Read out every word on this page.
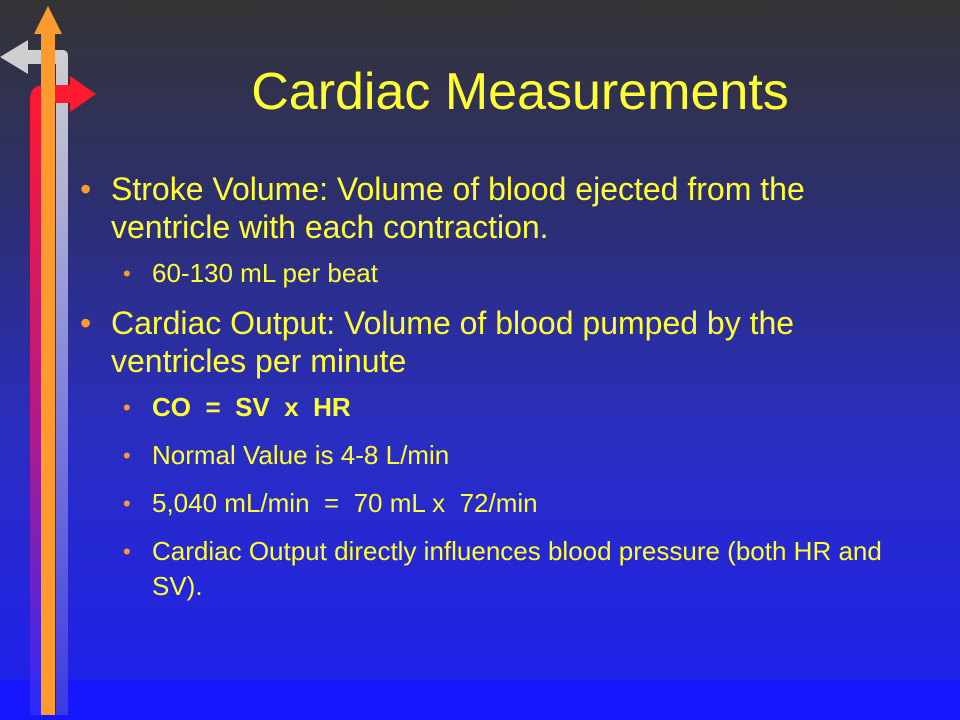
Cardiac Measurements
• Stroke Volume: Volume of blood ejected from the ventricle with each contraction.
• 60-130 mL per beat
• Cardiac Output: Volume of blood pumped by the ventricles per minute
• CO  =  SV  x  HR
• Normal Value is 4-8 L/min
• 5,040 mL/min  =  70 mL x  72/min
• Cardiac Output directly influences blood pressure (both HR and SV).
